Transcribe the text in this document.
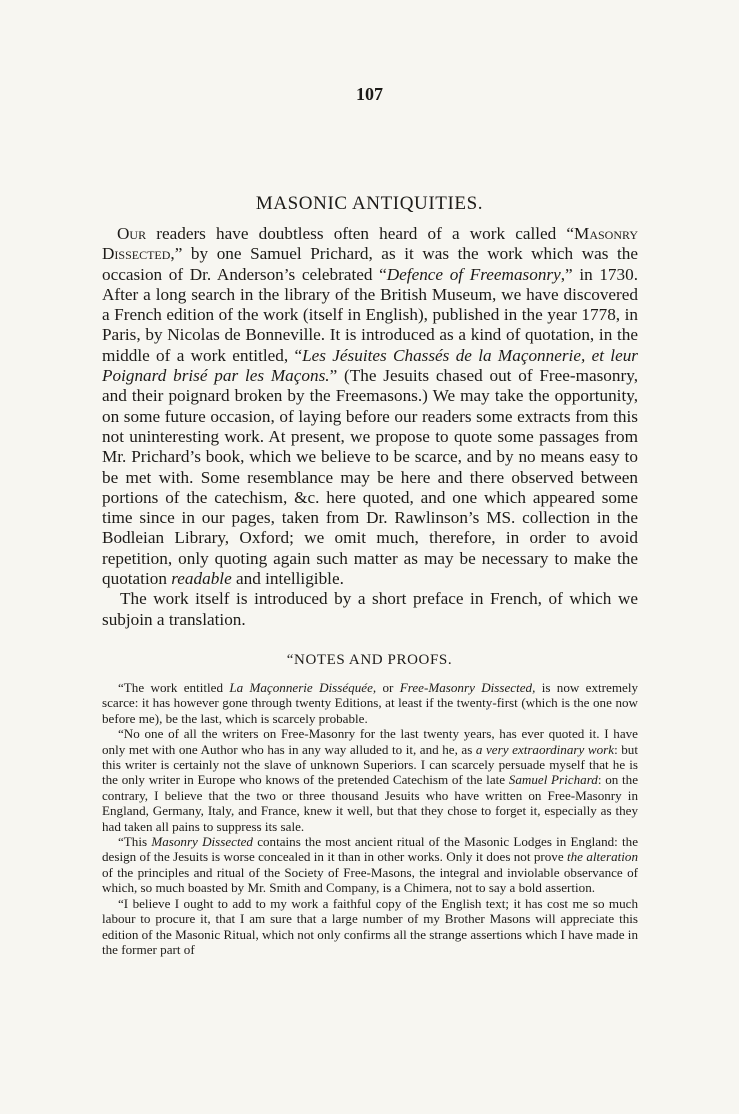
107
MASONIC ANTIQUITIES.

Our readers have doubtless often heard of a work called “Masonry Dissected,” by one Samuel Prichard, as it was the work which was the occasion of Dr. Anderson’s celebrated “Defence of Freemasonry,” in 1730. After a long search in the library of the British Museum, we have discovered a French edition of the work (itself in English), published in the year 1778, in Paris, by Nicolas de Bonneville. It is introduced as a kind of quotation, in the middle of a work entitled, “Les Jésuites Chassés de la Maçonnerie, et leur Poignard brisé par les Maçons.” (The Jesuits chased out of Free-masonry, and their poignard broken by the Freemasons.) We may take the opportunity, on some future occasion, of laying before our readers some extracts from this not uninteresting work. At present, we propose to quote some passages from Mr. Prichard’s book, which we believe to be scarce, and by no means easy to be met with. Some resemblance may be here and there observed between portions of the catechism, &c. here quoted, and one which appeared some time since in our pages, taken from Dr. Rawlinson’s MS. collection in the Bodleian Library, Oxford; we omit much, therefore, in order to avoid repetition, only quoting again such matter as may be necessary to make the quotation readable and intelligible.

The work itself is introduced by a short preface in French, of which we subjoin a translation.

“NOTES AND PROOFS.

“The work entitled La Maçonnerie Disséquée, or Free-Masonry Dissected, is now extremely scarce: it has however gone through twenty Editions, at least if the twenty-first (which is the one now before me), be the last, which is scarcely probable.

“No one of all the writers on Free-Masonry for the last twenty years, has ever quoted it. I have only met with one Author who has in any way alluded to it, and he, as a very extraordinary work: but this writer is certainly not the slave of unknown Superiors. I can scarcely persuade myself that he is the only writer in Europe who knows of the pretended Catechism of the late Samuel Prichard: on the contrary, I believe that the two or three thousand Jesuits who have written on Free-Masonry in England, Germany, Italy, and France, knew it well, but that they chose to forget it, especially as they had taken all pains to suppress its sale.

“This Masonry Dissected contains the most ancient ritual of the Masonic Lodges in England: the design of the Jesuits is worse concealed in it than in other works. Only it does not prove the alteration of the principles and ritual of the Society of Free-Masons, the integral and inviolable observance of which, so much boasted by Mr. Smith and Company, is a Chimera, not to say a bold assertion.

“I believe I ought to add to my work a faithful copy of the English text; it has cost me so much labour to procure it, that I am sure that a large number of my Brother Masons will appreciate this edition of the Masonic Ritual, which not only confirms all the strange assertions which I have made in the former part of
